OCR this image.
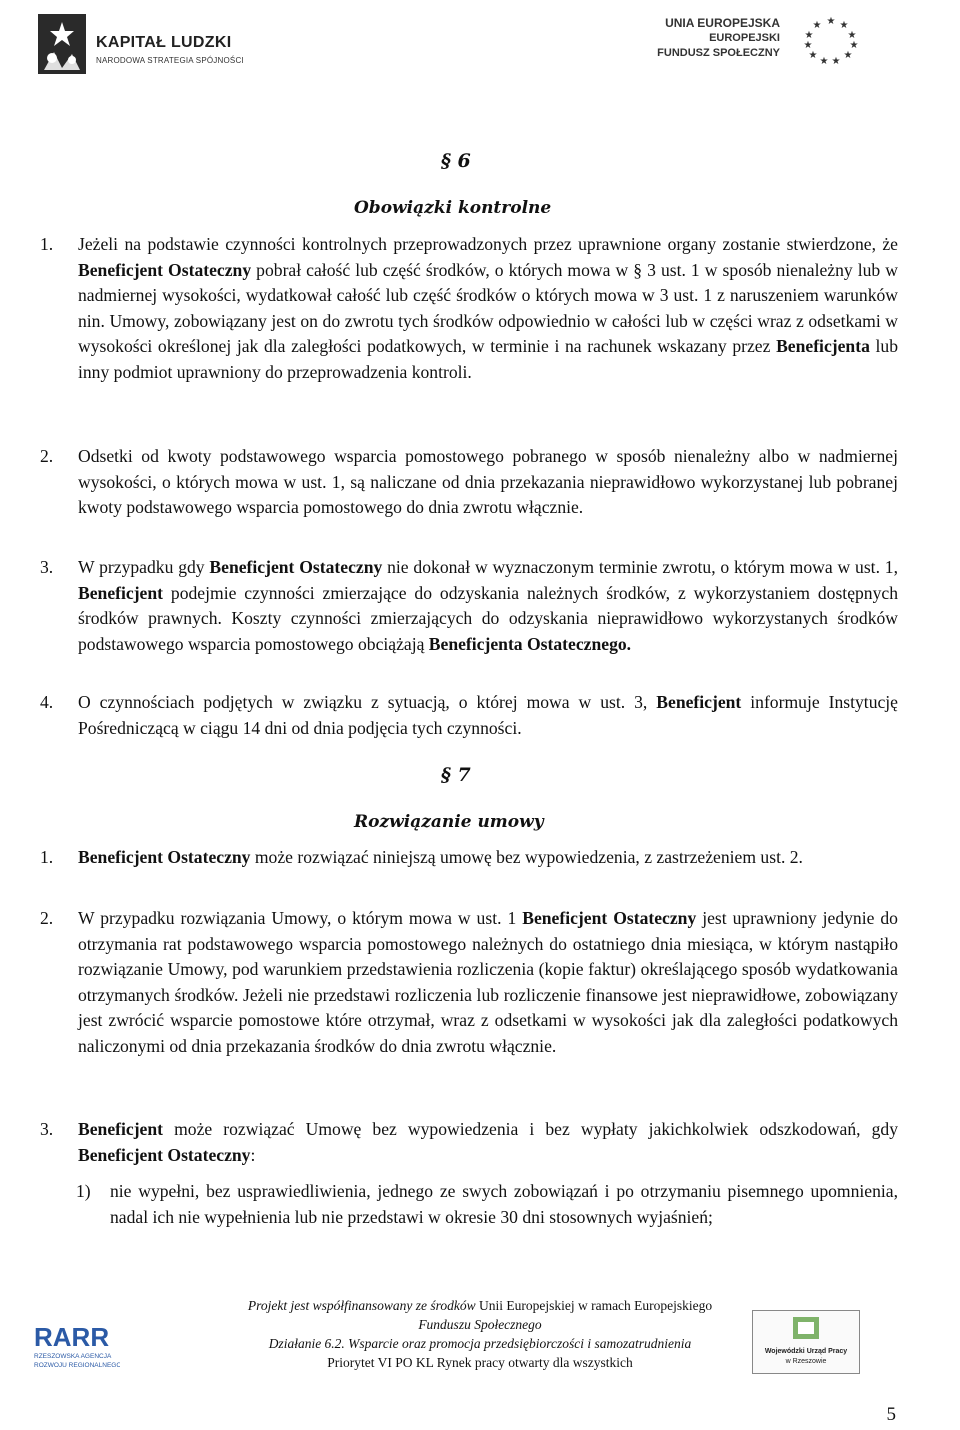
KAPITAŁ LUDZKI
NARODOWA STRATEGIA SPÓJNOŚCI
UNIA EUROPEJSKA
EUROPEJSKI
FUNDUSZ SPOŁECZNY
★ ★
★
★
★
★
★
★
★
★
★
§ 6
Obowiązki kontrolne
1.	Jeżeli na podstawie czynności kontrolnych przeprowadzonych przez uprawnione organy zostanie stwierdzone, że Beneficjent Ostateczny pobrał całość lub część środków, o których mowa w § 3 ust. 1 w sposób nienależny lub w nadmiernej wysokości, wydatkował całość lub część środków o których mowa w 3 ust. 1 z naruszeniem warunków nin. Umowy, zobowiązany jest on do zwrotu tych środków odpowiednio w całości lub w części wraz z odsetkami w wysokości określonej jak dla zaległości podatkowych, w terminie i na rachunek wskazany przez Beneficjenta lub inny podmiot uprawniony do przeprowadzenia kontroli.
2.	Odsetki od kwoty podstawowego wsparcia pomostowego pobranego w sposób nienależny albo w nadmiernej wysokości, o których mowa w ust. 1, są naliczane od dnia przekazania nieprawidłowo wykorzystanej lub pobranej kwoty podstawowego wsparcia pomostowego do dnia zwrotu włącznie.
3.	W przypadku gdy Beneficjent Ostateczny nie dokonał w wyznaczonym terminie zwrotu, o którym mowa w ust. 1, Beneficjent podejmie czynności zmierzające do odzyskania należnych środków, z wykorzystaniem dostępnych środków prawnych. Koszty czynności zmierzających do odzyskania nieprawidłowo wykorzystanych środków podstawowego wsparcia pomostowego obciążają Beneficjenta Ostatecznego.
4.	O czynnościach podjętych w związku z sytuacją, o której mowa w ust. 3, Beneficjent informuje Instytucję Pośredniczącą w ciągu 14 dni od dnia podjęcia tych czynności.
§ 7
Rozwiązanie umowy
1.	Beneficjent Ostateczny może rozwiązać niniejszą umowę bez wypowiedzenia, z zastrzeżeniem ust. 2.
2.	W przypadku rozwiązania Umowy, o którym mowa w ust. 1 Beneficjent Ostateczny jest uprawniony jedynie do otrzymania rat podstawowego wsparcia pomostowego należnych do ostatniego dnia miesiąca, w którym nastąpiło rozwiązanie Umowy, pod warunkiem przedstawienia rozliczenia (kopie faktur) określającego sposób wydatkowania otrzymanych środków. Jeżeli nie przedstawi rozliczenia lub rozliczenie finansowe jest nieprawidłowe, zobowiązany jest zwrócić wsparcie pomostowe które otrzymał, wraz z odsetkami w wysokości jak dla zaległości podatkowych naliczonymi od dnia przekazania środków do dnia zwrotu włącznie.
3.	Beneficjent może rozwiązać Umowę bez wypowiedzenia i bez wypłaty jakichkolwiek odszkodowań, gdy Beneficjent Ostateczny:
1)	nie wypełni, bez usprawiedliwienia, jednego ze swych zobowiązań i po otrzymaniu pisemnego upomnienia, nadal ich nie wypełnienia lub nie przedstawi w okresie 30 dni stosownych wyjaśnień;
RARR
RZESZOWSKA AGENCJA
ROZWOJU REGIONALNEGO
Projekt jest współfinansowany ze środków Unii Europejskiej w ramach Europejskiego
Funduszu Społecznego
Działanie 6.2. Wsparcie oraz promocja przedsiębiorczości i samozatrudnienia
Priorytet VI PO KL Rynek pracy otwarty dla wszystkich
Wojewódzki Urząd Pracy
w Rzeszowie
5
